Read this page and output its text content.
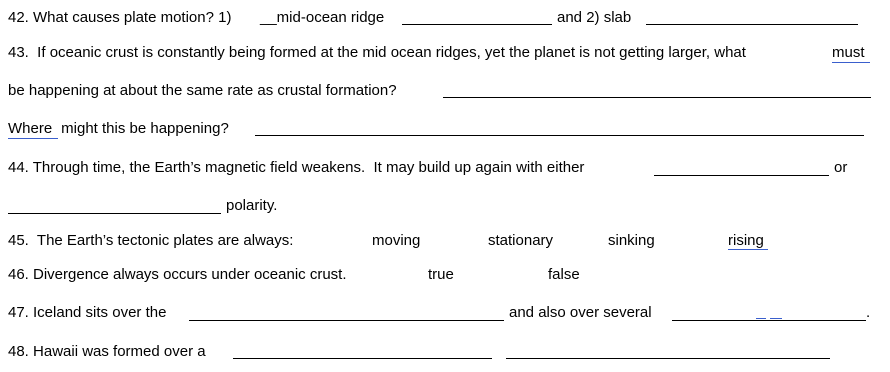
42. What causes plate motion? 1) __mid-ocean ridge	and 2) slab
43.  If oceanic crust is constantly being formed at the mid ocean ridges, yet the planet is not getting larger, what	must
be happening at about the same rate as crustal formation?
Where might this be happening?
44. Through time, the Earth’s magnetic field weakens.  It may build up again with either	or
polarity.
45.  The Earth’s tectonic plates are always:	moving	stationary	sinking	rising
46. Divergence always occurs under oceanic crust.	true	false
47. Iceland sits over the	and also over several	.
48. Hawaii was formed over a
